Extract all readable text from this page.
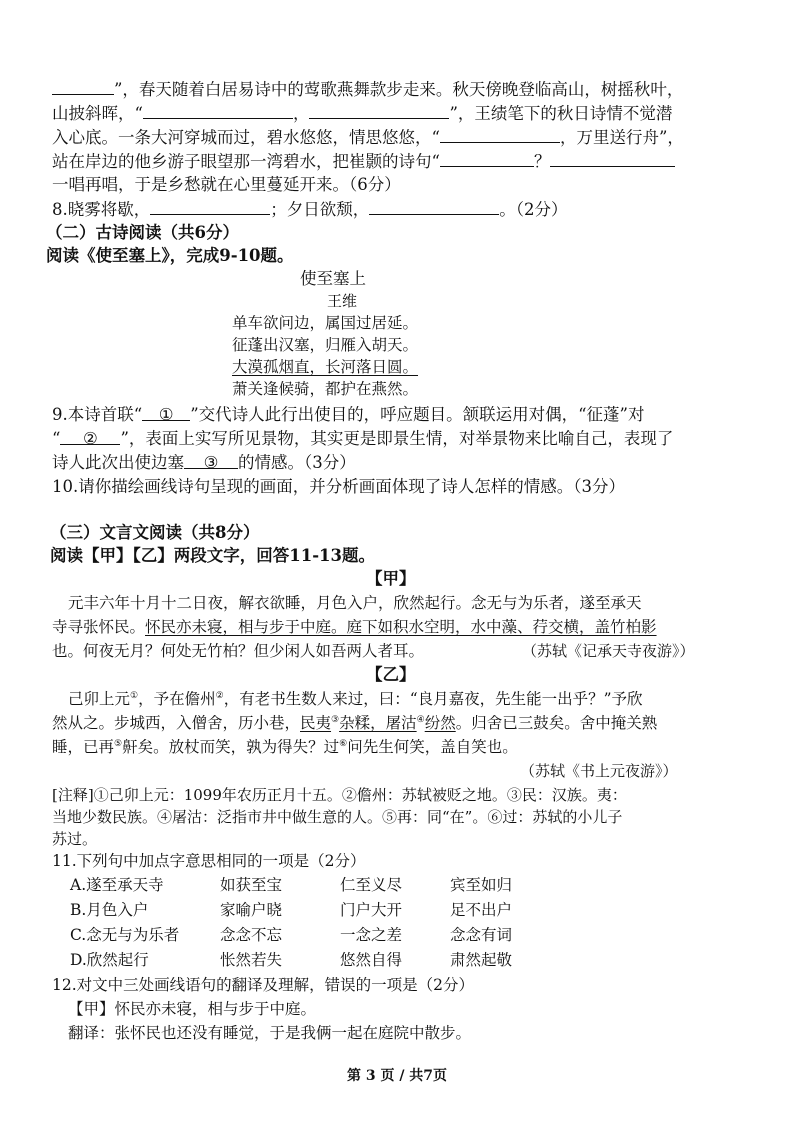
”，春天随着白居易诗中的莺歌燕舞款步走来。秋天傍晚登临高山，树摇秋叶，
山披斜晖，“	，	”，王绩笔下的秋日诗情不觉潜
入心底。一条大河穿城而过，碧水悠悠，情思悠悠，“	，万里送行舟”，
站在岸边的他乡游子眼望那一湾碧水，把崔颢的诗句“	？
一唱再唱，于是乡愁就在心里蔓延开来。（6分）
8.晓雾将歇，	；夕日欲颓，	。（2分）
（二）古诗阅读（共6分）
阅读《使至塞上》，完成9-10题。
使至塞上
王维
单车欲问边，属国过居延。
征蓬出汉塞，归雁入胡天。
大漠孤烟直，长河落日圆。
萧关逢候骑，都护在燕然。
9.本诗首联“ ① ”交代诗人此行出使目的，呼应题目。颔联运用对偶，“征蓬”对
“ ② ”，表面上实写所见景物，其实更是即景生情，对举景物来比喻自己，表现了
诗人此次出使边塞 ③ 的情感。（3分）
10.请你描绘画线诗句呈现的画面，并分析画面体现了诗人怎样的情感。（3分）
（三）文言文阅读（共8分）
阅读【甲】【乙】两段文字，回答11-13题。
【甲】
元丰六年十月十二日夜，解衣欲睡，月色入户，欣然起行。念无与为乐者，遂至承天
寺寻张怀民。怀民亦未寝，相与步于中庭。庭下如积水空明，水中藻、荇交横，盖竹柏影
也。何夜无月？何处无竹柏？但少闲人如吾两人者耳。	（苏轼《记承天寺夜游》）
【乙】
己卯上元①，予在儋州②，有老书生数人来过，曰：“良月嘉夜，先生能一出乎？”予欣
然从之。步城西，入僧舍，历小巷，民夷③杂糅，屠沽④纷然。归舍已三鼓矣。舍中掩关熟
睡，已再⑤鼾矣。放杖而笑，孰为得失？过⑥问先生何笑，盖自笑也。
（苏轼《书上元夜游》）
[注释]①己卯上元：1099年农历正月十五。②儋州：苏轼被贬之地。③民：汉族。夷：
当地少数民族。④屠沽：泛指市井中做生意的人。⑤再：同“在”。⑥过：苏轼的小儿子
苏过。
11.下列句中加点字意思相同的一项是（2分）
A.遂至承天寺	如获至宝	仁至义尽	宾至如归
B.月色入户	家喻户晓	门户大开	足不出户
C.念无与为乐者	念念不忘	一念之差	念念有词
D.欣然起行	怅然若失	悠然自得	肃然起敬
12.对文中三处画线语句的翻译及理解，错误的一项是（2分）
【甲】怀民亦未寝，相与步于中庭。
翻译：张怀民也还没有睡觉，于是我俩一起在庭院中散步。
第 3 页 / 共7页
